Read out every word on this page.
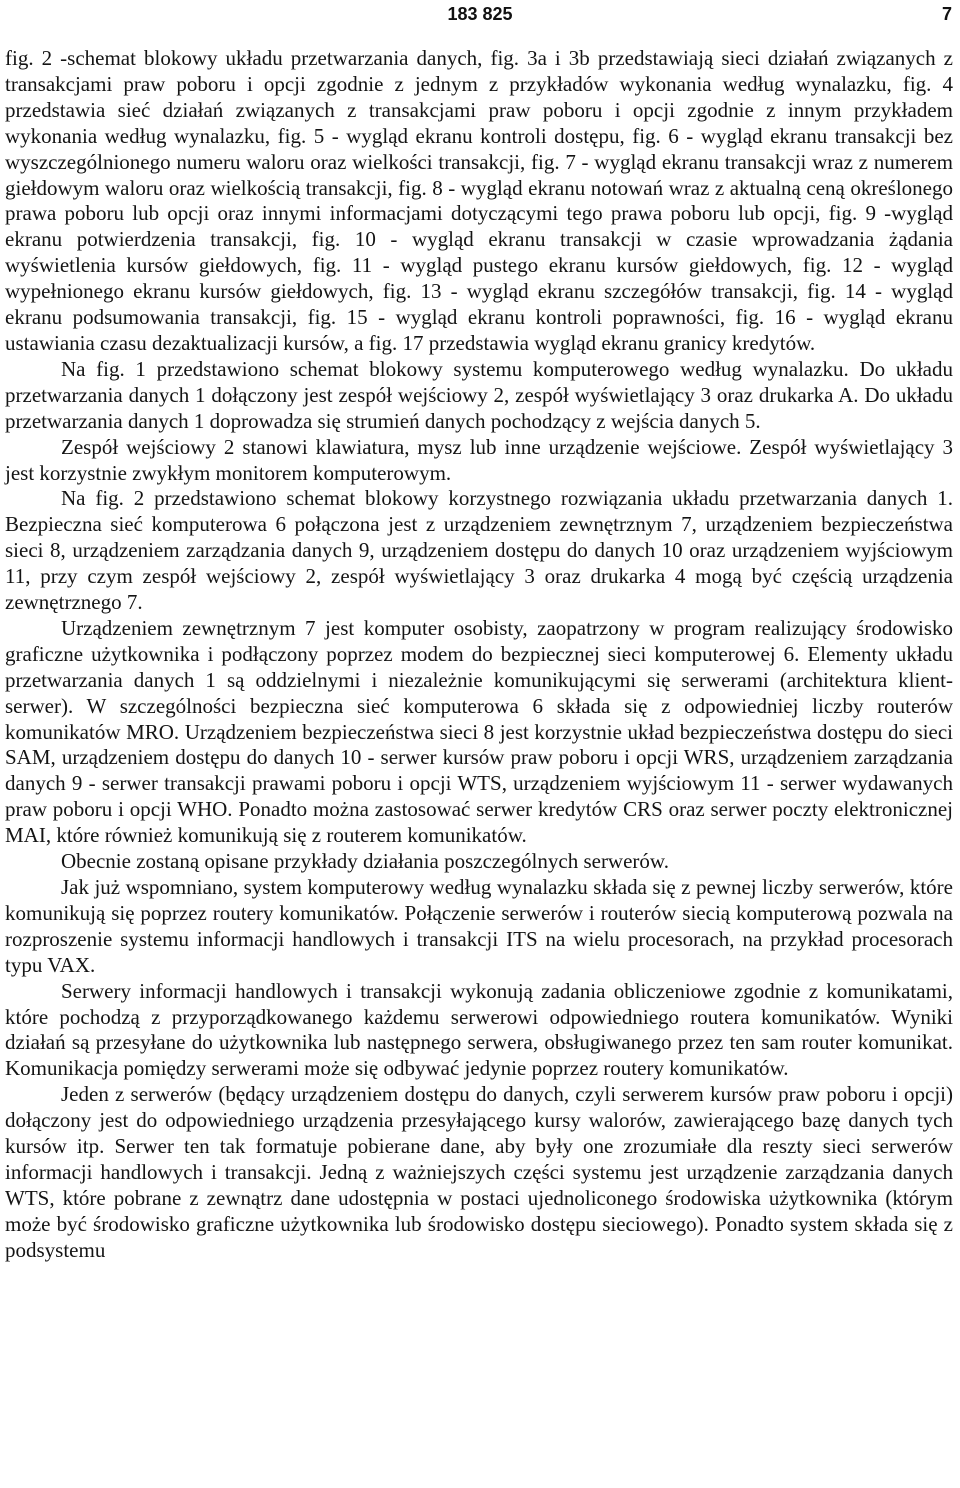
183 825	7

fig. 2 -schemat blokowy układu przetwarzania danych, fig. 3a i 3b przedstawiają sieci działań związanych z transakcjami praw poboru i opcji zgodnie z jednym z przykładów wykonania według wynalazku, fig. 4 przedstawia sieć działań związanych z transakcjami praw poboru i opcji zgodnie z innym przykładem wykonania według wynalazku, fig. 5 - wygląd ekranu kontroli dostępu, fig. 6 - wygląd ekranu transakcji bez wyszczególnionego numeru waloru oraz wielkości transakcji, fig. 7 - wygląd ekranu transakcji wraz z numerem giełdowym waloru oraz wielkością transakcji, fig. 8 - wygląd ekranu notowań wraz z aktualną ceną określonego prawa poboru lub opcji oraz innymi informacjami dotyczącymi tego prawa poboru lub opcji, fig. 9 -wygląd ekranu potwierdzenia transakcji, fig. 10 - wygląd ekranu transakcji w czasie wprowadzania żądania wyświetlenia kursów giełdowych, fig. 11 - wygląd pustego ekranu kursów giełdowych, fig. 12 - wygląd wypełnionego ekranu kursów giełdowych, fig. 13 - wygląd ekranu szczegółów transakcji, fig. 14 - wygląd ekranu podsumowania transakcji, fig. 15 - wygląd ekranu kontroli poprawności, fig. 16 - wygląd ekranu ustawiania czasu dezaktualizacji kursów, a fig. 17 przedstawia wygląd ekranu granicy kredytów.

Na fig. 1 przedstawiono schemat blokowy systemu komputerowego według wynalazku. Do układu przetwarzania danych 1 dołączony jest zespół wejściowy 2, zespół wyświetlający 3 oraz drukarka A. Do układu przetwarzania danych 1 doprowadza się strumień danych pochodzący z wejścia danych 5.

Zespół wejściowy 2 stanowi klawiatura, mysz lub inne urządzenie wejściowe. Zespół wyświetlający 3 jest korzystnie zwykłym monitorem komputerowym.

Na fig. 2 przedstawiono schemat blokowy korzystnego rozwiązania układu przetwarzania danych 1. Bezpieczna sieć komputerowa 6 połączona jest z urządzeniem zewnętrznym 7, urządzeniem bezpieczeństwa sieci 8, urządzeniem zarządzania danych 9, urządzeniem dostępu do danych 10 oraz urządzeniem wyjściowym 11, przy czym zespół wejściowy 2, zespół wyświetlający 3 oraz drukarka 4 mogą być częścią urządzenia zewnętrznego 7.

Urządzeniem zewnętrznym 7 jest komputer osobisty, zaopatrzony w program realizujący środowisko graficzne użytkownika i podłączony poprzez modem do bezpiecznej sieci komputerowej 6. Elementy układu przetwarzania danych 1 są oddzielnymi i niezależnie komunikującymi się serwerami (architektura klient-serwer). W szczególności bezpieczna sieć komputerowa 6 składa się z odpowiedniej liczby routerów komunikatów MRO. Urządzeniem bezpieczeństwa sieci 8 jest korzystnie układ bezpieczeństwa dostępu do sieci SAM, urządzeniem dostępu do danych 10 - serwer kursów praw poboru i opcji WRS, urządzeniem zarządzania danych 9 - serwer transakcji prawami poboru i opcji WTS, urządzeniem wyjściowym 11 - serwer wydawanych praw poboru i opcji WHO. Ponadto można zastosować serwer kredytów CRS oraz serwer poczty elektronicznej MAI, które również komunikują się z routerem komunikatów.

Obecnie zostaną opisane przykłady działania poszczególnych serwerów.

Jak już wspomniano, system komputerowy według wynalazku składa się z pewnej liczby serwerów, które komunikują się poprzez routery komunikatów. Połączenie serwerów i routerów siecią komputerową pozwala na rozproszenie systemu informacji handlowych i transakcji ITS na wielu procesorach, na przykład procesorach typu VAX.

Serwery informacji handlowych i transakcji wykonują zadania obliczeniowe zgodnie z komunikatami, które pochodzą z przyporządkowanego każdemu serwerowi odpowiedniego routera komunikatów. Wyniki działań są przesyłane do użytkownika lub następnego serwera, obsługiwanego przez ten sam router komunikat. Komunikacja pomiędzy serwerami może się odbywać jedynie poprzez routery komunikatów.

Jeden z serwerów (będący urządzeniem dostępu do danych, czyli serwerem kursów praw poboru i opcji) dołączony jest do odpowiedniego urządzenia przesyłającego kursy walorów, zawierającego bazę danych tych kursów itp. Serwer ten tak formatuje pobierane dane, aby były one zrozumiałe dla reszty sieci serwerów informacji handlowych i transakcji. Jedną z ważniejszych części systemu jest urządzenie zarządzania danych WTS, które pobrane z zewnątrz dane udostępnia w postaci ujednoliconego środowiska użytkownika (którym może być środowisko graficzne użytkownika lub środowisko dostępu sieciowego). Ponadto system składa się z podsystemu
